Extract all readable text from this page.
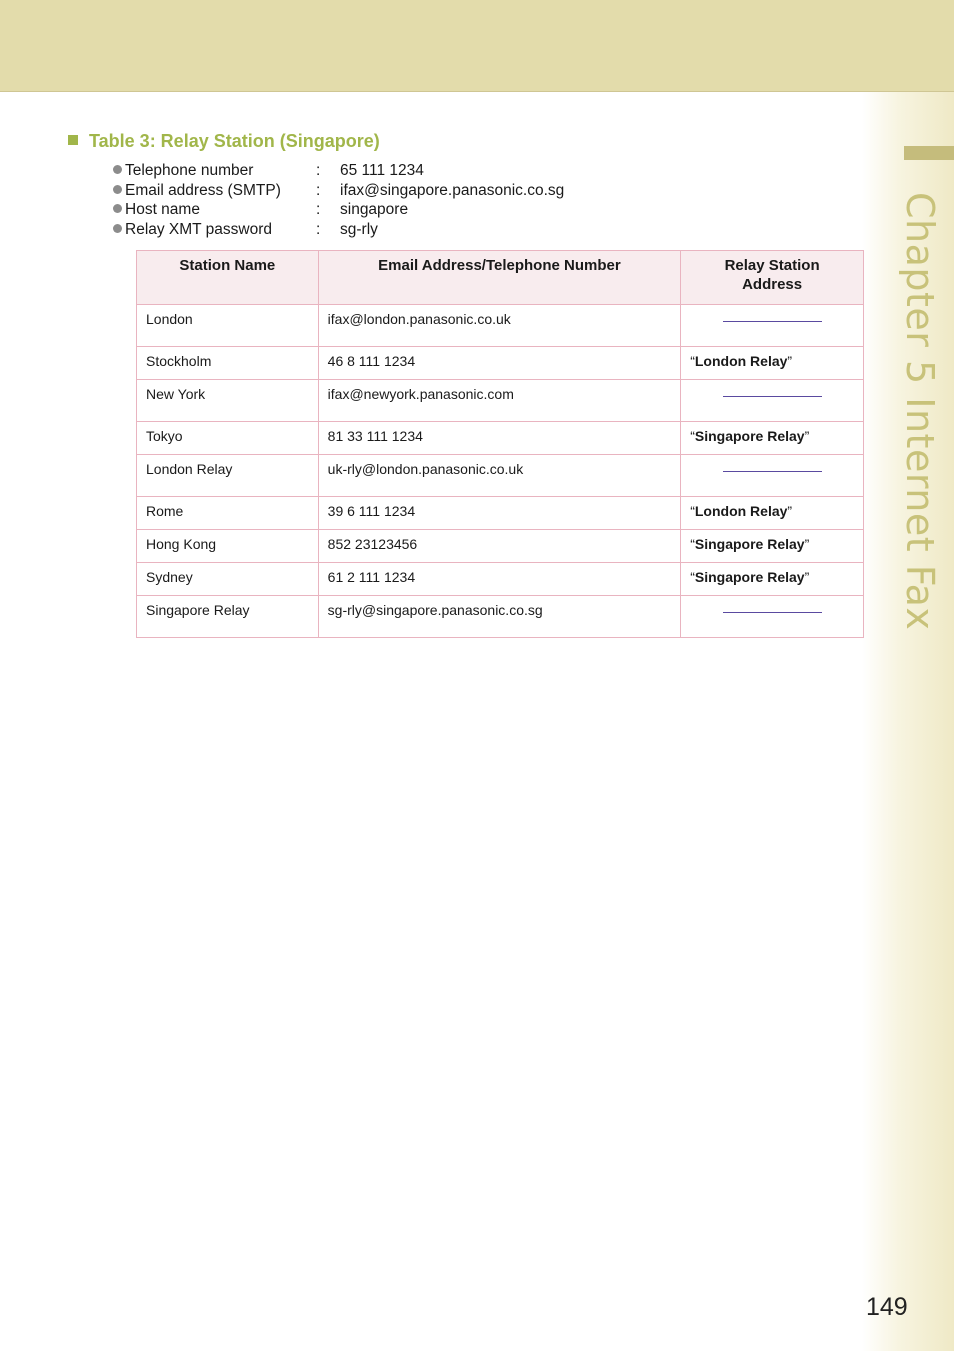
Chapter 5 Internet Fax
Table 3: Relay Station (Singapore)
Telephone number	:	65 111 1234
Email address (SMTP)	:	ifax@singapore.panasonic.co.sg
Host name	:	singapore
Relay XMT password	:	sg-rly
Station Name	Email Address/Telephone Number	Relay Station
Address
London	ifax@london.panasonic.co.uk	

Stockholm	46 8 111 1234	“London Relay”
New York	ifax@newyork.panasonic.com	

Tokyo	81 33 111 1234	“Singapore Relay”
London Relay	uk-rly@london.panasonic.co.uk	

Rome	39 6 111 1234	“London Relay”
Hong Kong	852 23123456	“Singapore Relay”
Sydney	61 2 111 1234	“Singapore Relay”
Singapore Relay	sg-rly@singapore.panasonic.co.sg	
149
